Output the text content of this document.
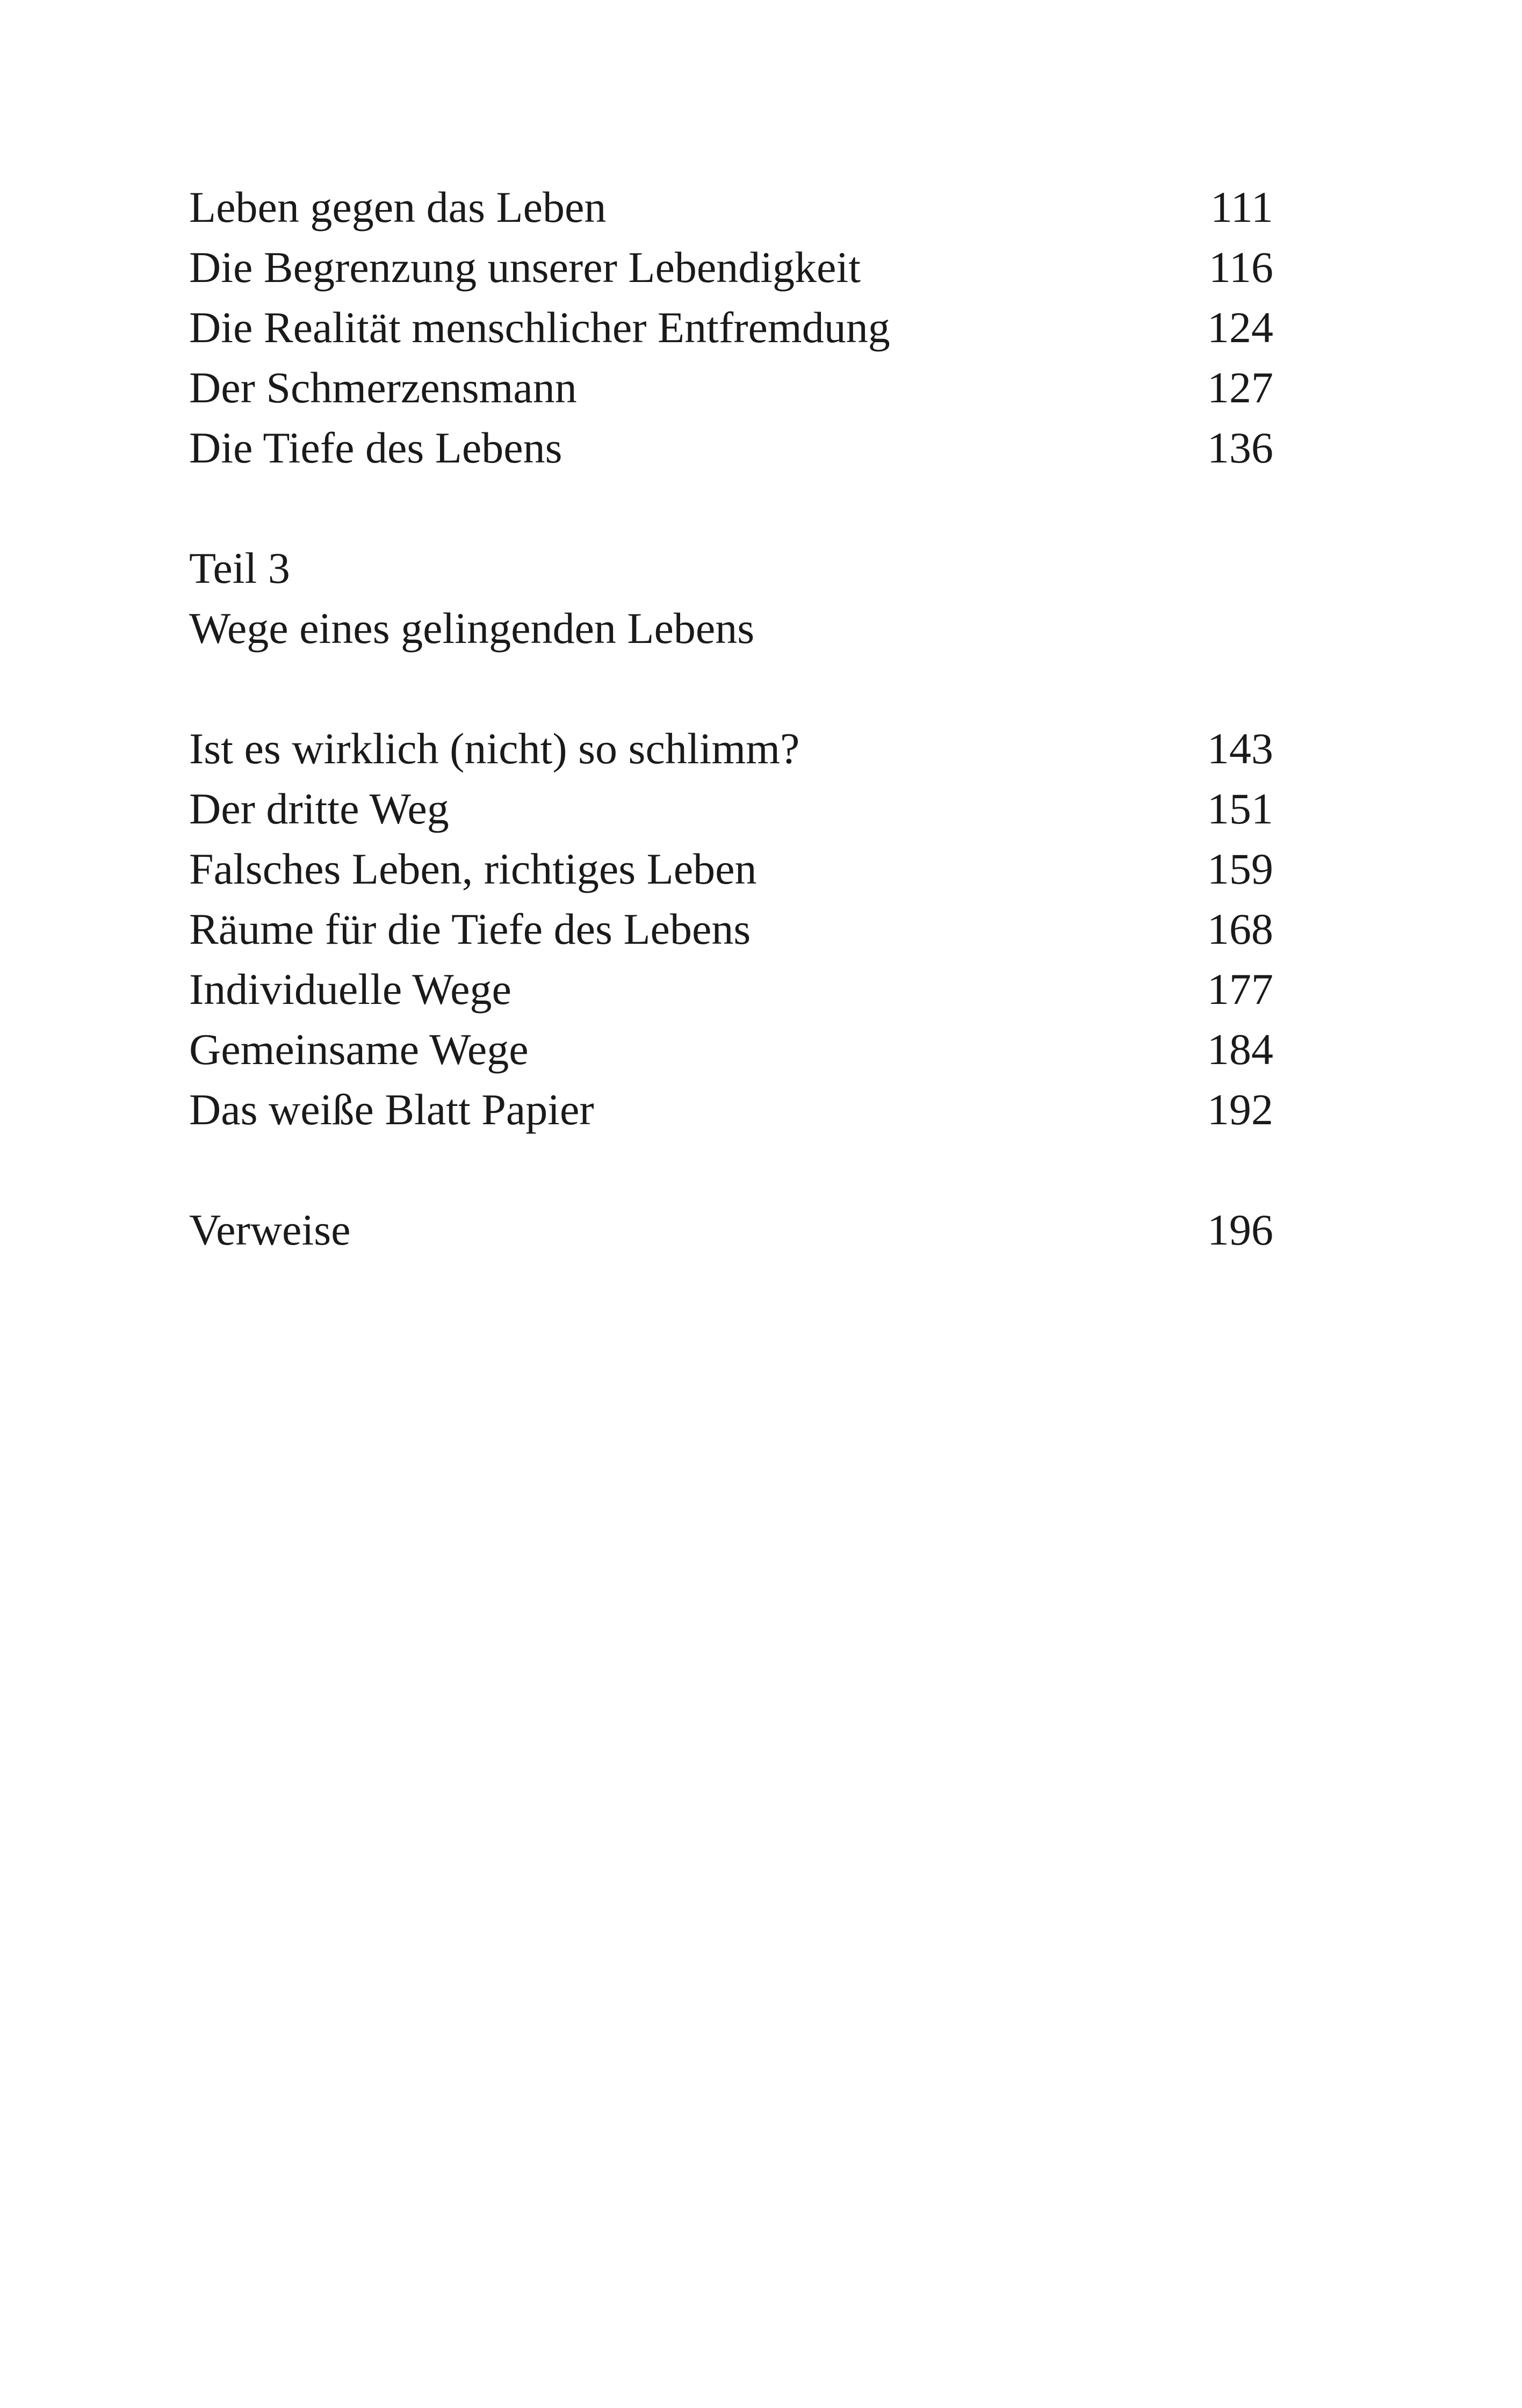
Leben gegen das Leben	111
Die Begrenzung unserer Lebendigkeit	116
Die Realität menschlicher Entfremdung	124
Der Schmerzensmann	127
Die Tiefe des Lebens	136
Teil 3
Wege eines gelingenden Lebens
Ist es wirklich (nicht) so schlimm?	143
Der dritte Weg	151
Falsches Leben, richtiges Leben	159
Räume für die Tiefe des Lebens	168
Individuelle Wege	177
Gemeinsame Wege	184
Das weiße Blatt Papier	192
Verweise	196
